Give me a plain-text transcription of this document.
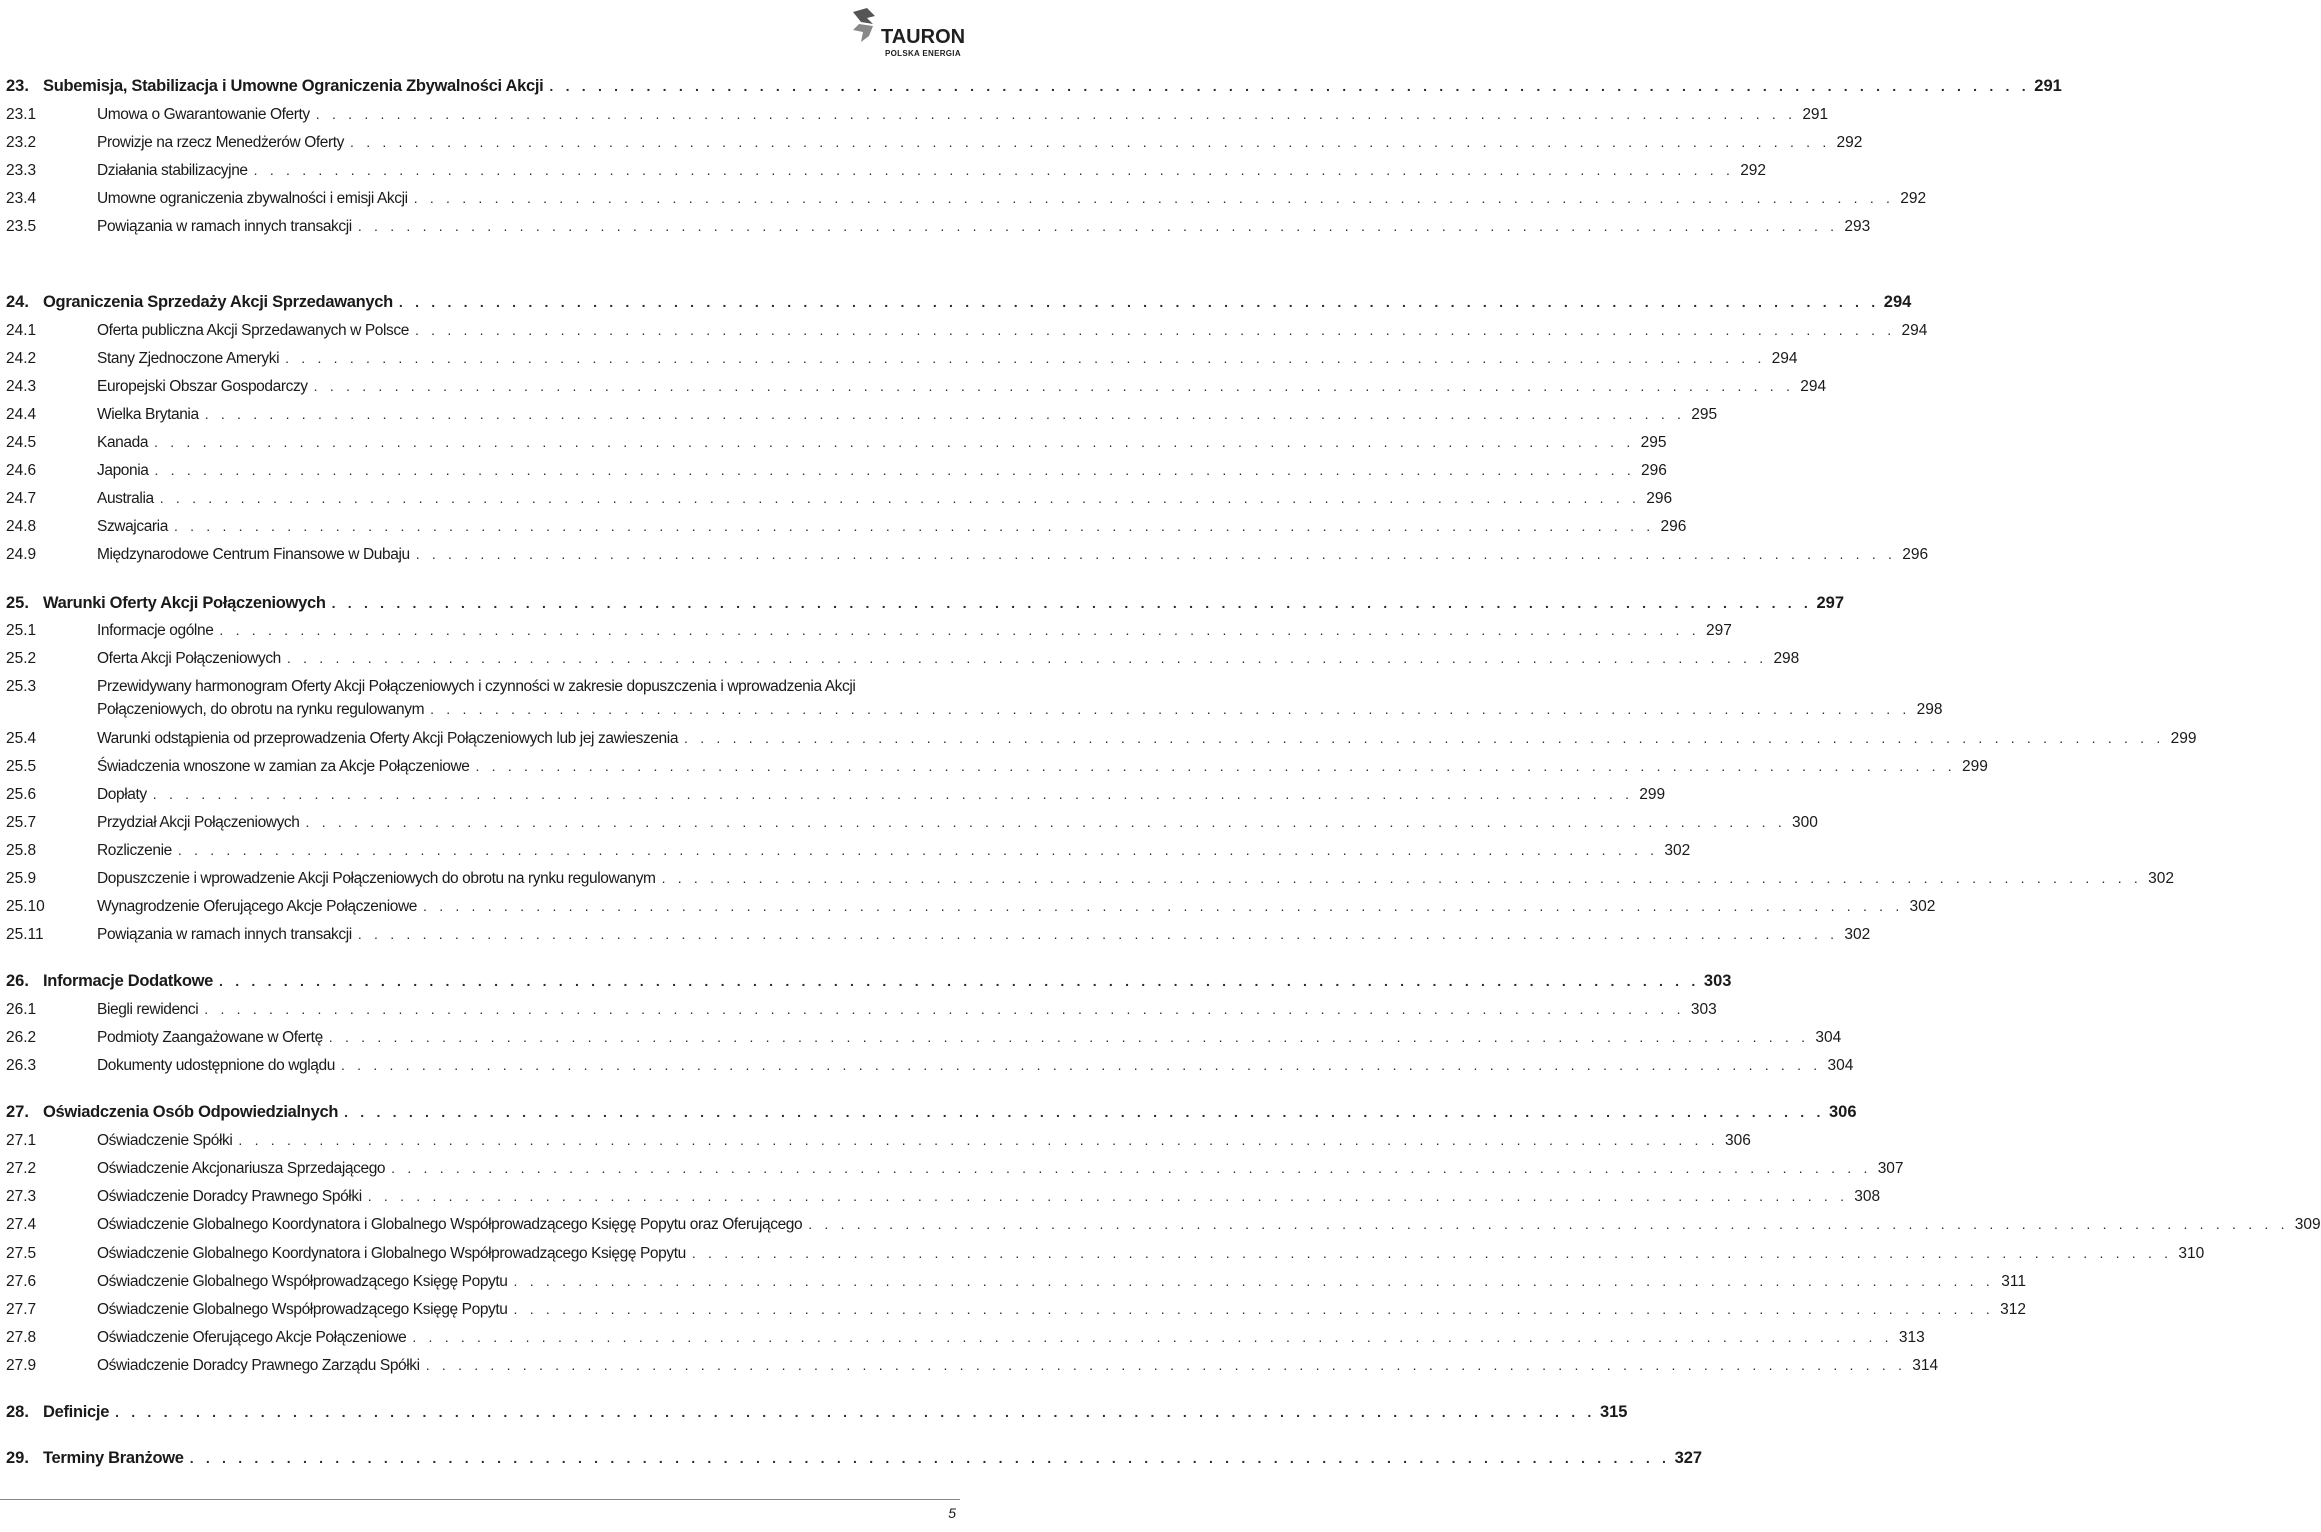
TAURON
POLSKA ENERGIA
23. Subemisja, Stabilizacja i Umowne Ograniczenia Zbywalności Akcji . . . . . . . . . . . . . . . . . . . . . . . . . . . . . . . . . . . . . . . . . . . . . . . . . . . . . . . . . . . . . . . . . . . . . . . . . . . . . . . . . . . . . . . . . . . . 291
23.1	Umowa o Gwarantowanie Oferty . . . . . . . . . . . . . . . . . . . . . . . . . . . . . . . . . . . . . . . . . . . . . . . . . . . . . . . . . . . . . . . . . . . . . . . . . . . . . . . . . . . . . . . . . . . . 291
23.2	Prowizje na rzecz Menedżerów Oferty . . . . . . . . . . . . . . . . . . . . . . . . . . . . . . . . . . . . . . . . . . . . . . . . . . . . . . . . . . . . . . . . . . . . . . . . . . . . . . . . . . . . . . . . . . . . 292
23.3	Działania stabilizacyjne . . . . . . . . . . . . . . . . . . . . . . . . . . . . . . . . . . . . . . . . . . . . . . . . . . . . . . . . . . . . . . . . . . . . . . . . . . . . . . . . . . . . . . . . . . . . 292
23.4	Umowne ograniczenia zbywalności i emisji Akcji . . . . . . . . . . . . . . . . . . . . . . . . . . . . . . . . . . . . . . . . . . . . . . . . . . . . . . . . . . . . . . . . . . . . . . . . . . . . . . . . . . . . . . . . . . . . 292
23.5	Powiązania w ramach innych transakcji . . . . . . . . . . . . . . . . . . . . . . . . . . . . . . . . . . . . . . . . . . . . . . . . . . . . . . . . . . . . . . . . . . . . . . . . . . . . . . . . . . . . . . . . . . . . 293
24. Ograniczenia Sprzedaży Akcji Sprzedawanych . . . . . . . . . . . . . . . . . . . . . . . . . . . . . . . . . . . . . . . . . . . . . . . . . . . . . . . . . . . . . . . . . . . . . . . . . . . . . . . . . . . . . . . . . . . . 294
24.1	Oferta publiczna Akcji Sprzedawanych w Polsce . . . . . . . . . . . . . . . . . . . . . . . . . . . . . . . . . . . . . . . . . . . . . . . . . . . . . . . . . . . . . . . . . . . . . . . . . . . . . . . . . . . . . . . . . . . . 294
24.2	Stany Zjednoczone Ameryki . . . . . . . . . . . . . . . . . . . . . . . . . . . . . . . . . . . . . . . . . . . . . . . . . . . . . . . . . . . . . . . . . . . . . . . . . . . . . . . . . . . . . . . . . . . . 294
24.3	Europejski Obszar Gospodarczy . . . . . . . . . . . . . . . . . . . . . . . . . . . . . . . . . . . . . . . . . . . . . . . . . . . . . . . . . . . . . . . . . . . . . . . . . . . . . . . . . . . . . . . . . . . . 294
24.4	Wielka Brytania . . . . . . . . . . . . . . . . . . . . . . . . . . . . . . . . . . . . . . . . . . . . . . . . . . . . . . . . . . . . . . . . . . . . . . . . . . . . . . . . . . . . . . . . . . . . 295
24.5	Kanada . . . . . . . . . . . . . . . . . . . . . . . . . . . . . . . . . . . . . . . . . . . . . . . . . . . . . . . . . . . . . . . . . . . . . . . . . . . . . . . . . . . . . . . . . . . . 295
24.6	Japonia . . . . . . . . . . . . . . . . . . . . . . . . . . . . . . . . . . . . . . . . . . . . . . . . . . . . . . . . . . . . . . . . . . . . . . . . . . . . . . . . . . . . . . . . . . . . 296
24.7	Australia . . . . . . . . . . . . . . . . . . . . . . . . . . . . . . . . . . . . . . . . . . . . . . . . . . . . . . . . . . . . . . . . . . . . . . . . . . . . . . . . . . . . . . . . . . . . 296
24.8	Szwajcaria . . . . . . . . . . . . . . . . . . . . . . . . . . . . . . . . . . . . . . . . . . . . . . . . . . . . . . . . . . . . . . . . . . . . . . . . . . . . . . . . . . . . . . . . . . . . 296
24.9	Międzynarodowe Centrum Finansowe w Dubaju . . . . . . . . . . . . . . . . . . . . . . . . . . . . . . . . . . . . . . . . . . . . . . . . . . . . . . . . . . . . . . . . . . . . . . . . . . . . . . . . . . . . . . . . . . . . 296
25. Warunki Oferty Akcji Połączeniowych . . . . . . . . . . . . . . . . . . . . . . . . . . . . . . . . . . . . . . . . . . . . . . . . . . . . . . . . . . . . . . . . . . . . . . . . . . . . . . . . . . . . . . . . . . . . 297
25.1	Informacje ogólne . . . . . . . . . . . . . . . . . . . . . . . . . . . . . . . . . . . . . . . . . . . . . . . . . . . . . . . . . . . . . . . . . . . . . . . . . . . . . . . . . . . . . . . . . . . . 297
25.2	Oferta Akcji Połączeniowych . . . . . . . . . . . . . . . . . . . . . . . . . . . . . . . . . . . . . . . . . . . . . . . . . . . . . . . . . . . . . . . . . . . . . . . . . . . . . . . . . . . . . . . . . . . . 298
25.3	Przewidywany harmonogram Oferty Akcji Połączeniowych i czynności w zakresie dopuszczenia i wprowadzenia Akcji
Połączeniowych, do obrotu na rynku regulowanym . . . . . . . . . . . . . . . . . . . . . . . . . . . . . . . . . . . . . . . . . . . . . . . . . . . . . . . . . . . . . . . . . . . . . . . . . . . . . . . . . . . . . . . . . . . . 298
25.4	Warunki odstąpienia od przeprowadzenia Oferty Akcji Połączeniowych lub jej zawieszenia . . . . . . . . . . . . . . . . . . . . . . . . . . . . . . . . . . . . . . . . . . . . . . . . . . . . . . . . . . . . . . . . . . . . . . . . . . . . . . . . . . . . . . . . . . . . 299
25.5	Świadczenia wnoszone w zamian za Akcje Połączeniowe . . . . . . . . . . . . . . . . . . . . . . . . . . . . . . . . . . . . . . . . . . . . . . . . . . . . . . . . . . . . . . . . . . . . . . . . . . . . . . . . . . . . . . . . . . . . 299
25.6	Dopłaty . . . . . . . . . . . . . . . . . . . . . . . . . . . . . . . . . . . . . . . . . . . . . . . . . . . . . . . . . . . . . . . . . . . . . . . . . . . . . . . . . . . . . . . . . . . . 299
25.7	Przydział Akcji Połączeniowych . . . . . . . . . . . . . . . . . . . . . . . . . . . . . . . . . . . . . . . . . . . . . . . . . . . . . . . . . . . . . . . . . . . . . . . . . . . . . . . . . . . . . . . . . . . . 300
25.8	Rozliczenie . . . . . . . . . . . . . . . . . . . . . . . . . . . . . . . . . . . . . . . . . . . . . . . . . . . . . . . . . . . . . . . . . . . . . . . . . . . . . . . . . . . . . . . . . . . . 302
25.9	Dopuszczenie i wprowadzenie Akcji Połączeniowych do obrotu na rynku regulowanym . . . . . . . . . . . . . . . . . . . . . . . . . . . . . . . . . . . . . . . . . . . . . . . . . . . . . . . . . . . . . . . . . . . . . . . . . . . . . . . . . . . . . . . . . . . . 302
25.10	Wynagrodzenie Oferującego Akcje Połączeniowe . . . . . . . . . . . . . . . . . . . . . . . . . . . . . . . . . . . . . . . . . . . . . . . . . . . . . . . . . . . . . . . . . . . . . . . . . . . . . . . . . . . . . . . . . . . . 302
25.11	Powiązania w ramach innych transakcji . . . . . . . . . . . . . . . . . . . . . . . . . . . . . . . . . . . . . . . . . . . . . . . . . . . . . . . . . . . . . . . . . . . . . . . . . . . . . . . . . . . . . . . . . . . . 302
26. Informacje Dodatkowe . . . . . . . . . . . . . . . . . . . . . . . . . . . . . . . . . . . . . . . . . . . . . . . . . . . . . . . . . . . . . . . . . . . . . . . . . . . . . . . . . . . . . . . . . . . . 303
26.1	Biegli rewidenci . . . . . . . . . . . . . . . . . . . . . . . . . . . . . . . . . . . . . . . . . . . . . . . . . . . . . . . . . . . . . . . . . . . . . . . . . . . . . . . . . . . . . . . . . . . . 303
26.2	Podmioty Zaangażowane w Ofertę . . . . . . . . . . . . . . . . . . . . . . . . . . . . . . . . . . . . . . . . . . . . . . . . . . . . . . . . . . . . . . . . . . . . . . . . . . . . . . . . . . . . . . . . . . . . 304
26.3	Dokumenty udostępnione do wglądu . . . . . . . . . . . . . . . . . . . . . . . . . . . . . . . . . . . . . . . . . . . . . . . . . . . . . . . . . . . . . . . . . . . . . . . . . . . . . . . . . . . . . . . . . . . . 304
27. Oświadczenia Osób Odpowiedzialnych . . . . . . . . . . . . . . . . . . . . . . . . . . . . . . . . . . . . . . . . . . . . . . . . . . . . . . . . . . . . . . . . . . . . . . . . . . . . . . . . . . . . . . . . . . . . 306
27.1	Oświadczenie Spółki . . . . . . . . . . . . . . . . . . . . . . . . . . . . . . . . . . . . . . . . . . . . . . . . . . . . . . . . . . . . . . . . . . . . . . . . . . . . . . . . . . . . . . . . . . . . 306
27.2	Oświadczenie Akcjonariusza Sprzedającego . . . . . . . . . . . . . . . . . . . . . . . . . . . . . . . . . . . . . . . . . . . . . . . . . . . . . . . . . . . . . . . . . . . . . . . . . . . . . . . . . . . . . . . . . . . . 307
27.3	Oświadczenie Doradcy Prawnego Spółki . . . . . . . . . . . . . . . . . . . . . . . . . . . . . . . . . . . . . . . . . . . . . . . . . . . . . . . . . . . . . . . . . . . . . . . . . . . . . . . . . . . . . . . . . . . . 308
27.4	Oświadczenie Globalnego Koordynatora i Globalnego Współprowadzącego Księgę Popytu oraz Oferującego . . . . . . . . . . . . . . . . . . . . . . . . . . . . . . . . . . . . . . . . . . . . . . . . . . . . . . . . . . . . . . . . . . . . . . . . . . . . . . . . . . . . . . . . . . . . 309
27.5	Oświadczenie Globalnego Koordynatora i Globalnego Współprowadzącego Księgę Popytu . . . . . . . . . . . . . . . . . . . . . . . . . . . . . . . . . . . . . . . . . . . . . . . . . . . . . . . . . . . . . . . . . . . . . . . . . . . . . . . . . . . . . . . . . . . . 310
27.6	Oświadczenie Globalnego Współprowadzącego Księgę Popytu . . . . . . . . . . . . . . . . . . . . . . . . . . . . . . . . . . . . . . . . . . . . . . . . . . . . . . . . . . . . . . . . . . . . . . . . . . . . . . . . . . . . . . . . . . . . 311
27.7	Oświadczenie Globalnego Współprowadzącego Księgę Popytu . . . . . . . . . . . . . . . . . . . . . . . . . . . . . . . . . . . . . . . . . . . . . . . . . . . . . . . . . . . . . . . . . . . . . . . . . . . . . . . . . . . . . . . . . . . . 312
27.8	Oświadczenie Oferującego Akcje Połączeniowe . . . . . . . . . . . . . . . . . . . . . . . . . . . . . . . . . . . . . . . . . . . . . . . . . . . . . . . . . . . . . . . . . . . . . . . . . . . . . . . . . . . . . . . . . . . . 313
27.9	Oświadczenie Doradcy Prawnego Zarządu Spółki . . . . . . . . . . . . . . . . . . . . . . . . . . . . . . . . . . . . . . . . . . . . . . . . . . . . . . . . . . . . . . . . . . . . . . . . . . . . . . . . . . . . . . . . . . . . 314
28. Definicje . . . . . . . . . . . . . . . . . . . . . . . . . . . . . . . . . . . . . . . . . . . . . . . . . . . . . . . . . . . . . . . . . . . . . . . . . . . . . . . . . . . . . . . . . . . . 315
29. Terminy Branżowe . . . . . . . . . . . . . . . . . . . . . . . . . . . . . . . . . . . . . . . . . . . . . . . . . . . . . . . . . . . . . . . . . . . . . . . . . . . . . . . . . . . . . . . . . . . . 327
5
